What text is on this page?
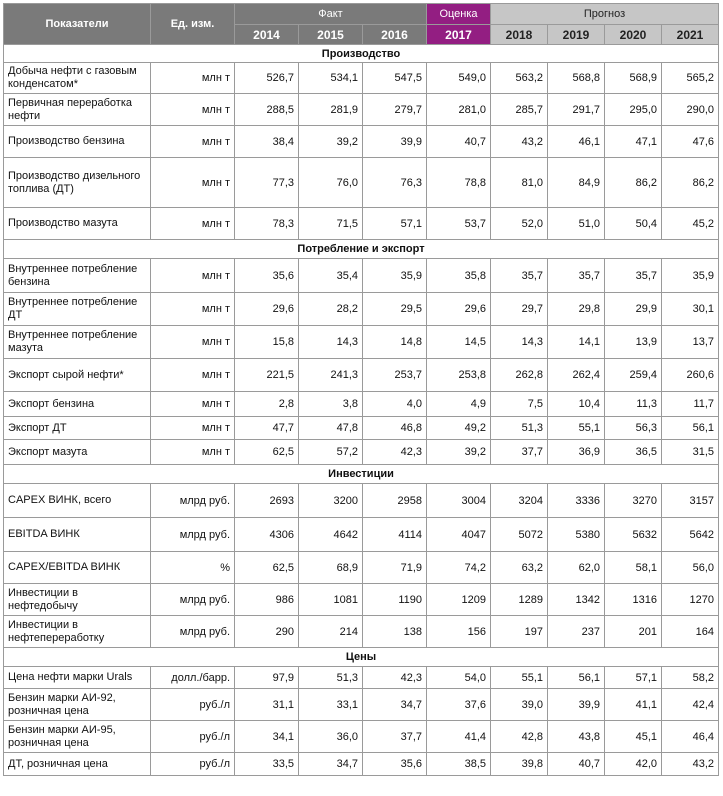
Показатели	Ед. изм.	Факт			Оценка	Прогноз			
		2014	2015	2016	2017	2018	2019	2020	2021
Производство									
Добыча нефти с газовым конденсатом*	млн т	526,7	534,1	547,5	549,0	563,2	568,8	568,9	565,2
Первичная переработка нефти	млн т	288,5	281,9	279,7	281,0	285,7	291,7	295,0	290,0
Производство бензина	млн т	38,4	39,2	39,9	40,7	43,2	46,1	47,1	47,6
Производство дизельного топлива (ДТ)	млн т	77,3	76,0	76,3	78,8	81,0	84,9	86,2	86,2
Производство мазута	млн т	78,3	71,5	57,1	53,7	52,0	51,0	50,4	45,2
Потребление и экспорт									
Внутреннее потребление бензина	млн т	35,6	35,4	35,9	35,8	35,7	35,7	35,7	35,9
Внутреннее потребление ДТ	млн т	29,6	28,2	29,5	29,6	29,7	29,8	29,9	30,1
Внутреннее потребление мазута	млн т	15,8	14,3	14,8	14,5	14,3	14,1	13,9	13,7
Экспорт сырой нефти*	млн т	221,5	241,3	253,7	253,8	262,8	262,4	259,4	260,6
Экспорт бензина	млн т	2,8	3,8	4,0	4,9	7,5	10,4	11,3	11,7
Экспорт ДТ	млн т	47,7	47,8	46,8	49,2	51,3	55,1	56,3	56,1
Экспорт мазута	млн т	62,5	57,2	42,3	39,2	37,7	36,9	36,5	31,5
Инвестиции									
CAPEX ВИНК, всего	млрд руб.	2693	3200	2958	3004	3204	3336	3270	3157
EBITDA ВИНК	млрд руб.	4306	4642	4114	4047	5072	5380	5632	5642
CAPEX/EBITDA ВИНК	%	62,5	68,9	71,9	74,2	63,2	62,0	58,1	56,0
Инвестиции в нефтедобычу	млрд руб.	986	1081	1190	1209	1289	1342	1316	1270
Инвестиции в нефтепереработку	млрд руб.	290	214	138	156	197	237	201	164
Цены									
Цена нефти марки Urals	долл./барр.	97,9	51,3	42,3	54,0	55,1	56,1	57,1	58,2
Бензин марки АИ-92, розничная цена	руб./л	31,1	33,1	34,7	37,6	39,0	39,9	41,1	42,4
Бензин марки АИ-95, розничная цена	руб./л	34,1	36,0	37,7	41,4	42,8	43,8	45,1	46,4
ДТ, розничная цена	руб./л	33,5	34,7	35,6	38,5	39,8	40,7	42,0	43,2
